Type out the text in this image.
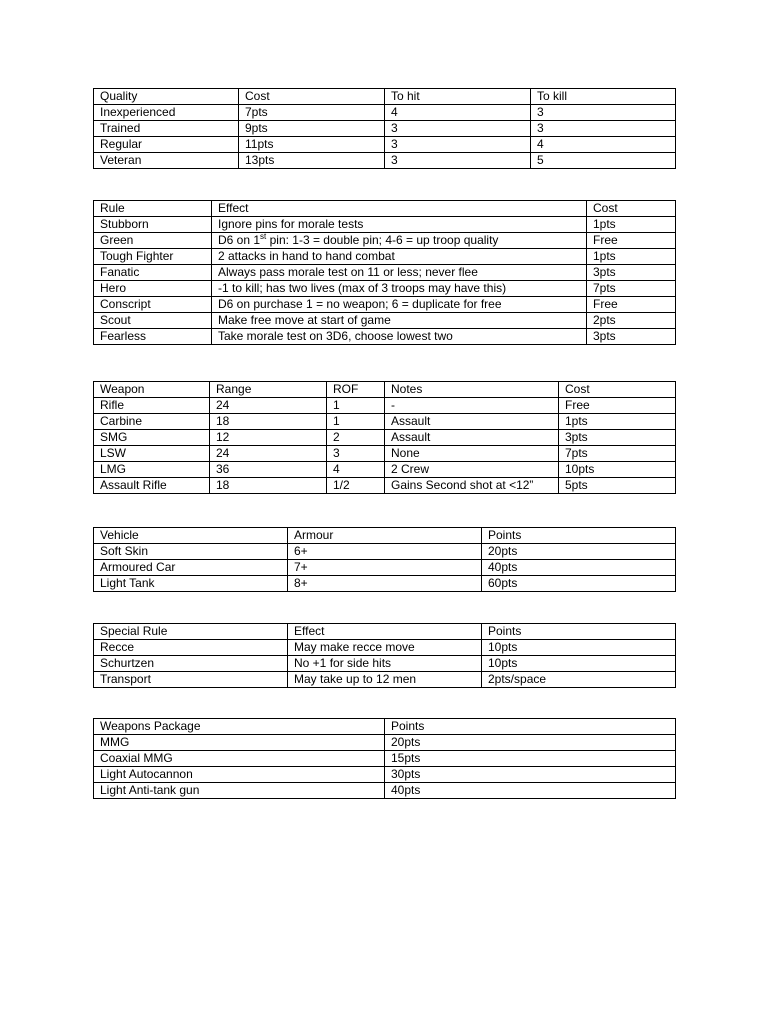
Quality	Cost	To hit	To kill
Inexperienced	7pts	4	3
Trained	9pts	3	3
Regular	11pts	3	4
Veteran	13pts	3	5
Rule	Effect	Cost
Stubborn	Ignore pins for morale tests	1pts
Green	D6 on 1st pin: 1-3 = double pin; 4-6 = up troop quality	Free
Tough Fighter	2 attacks in hand to hand combat	1pts
Fanatic	Always pass morale test on 11 or less; never flee	3pts
Hero	-1 to kill; has two lives (max of 3 troops may have this)	7pts
Conscript	D6 on purchase 1 = no weapon; 6 = duplicate for free	Free
Scout	Make free move at start of game	2pts
Fearless	Take morale test on 3D6, choose lowest two	3pts
Weapon	Range	ROF	Notes	Cost
Rifle	24	1	-	Free
Carbine	18	1	Assault	1pts
SMG	12	2	Assault	3pts
LSW	24	3	None	7pts
LMG	36	4	2 Crew	10pts
Assault Rifle	18	1/2	Gains Second shot at <12”	5pts
Vehicle	Armour	Points
Soft Skin	6+	20pts
Armoured Car	7+	40pts
Light Tank	8+	60pts
Special Rule	Effect	Points
Recce	May make recce move	10pts
Schurtzen	No +1 for side hits	10pts
Transport	May take up to 12 men	2pts/space
Weapons Package	Points
MMG	20pts
Coaxial MMG	15pts
Light Autocannon	30pts
Light Anti-tank gun	40pts
